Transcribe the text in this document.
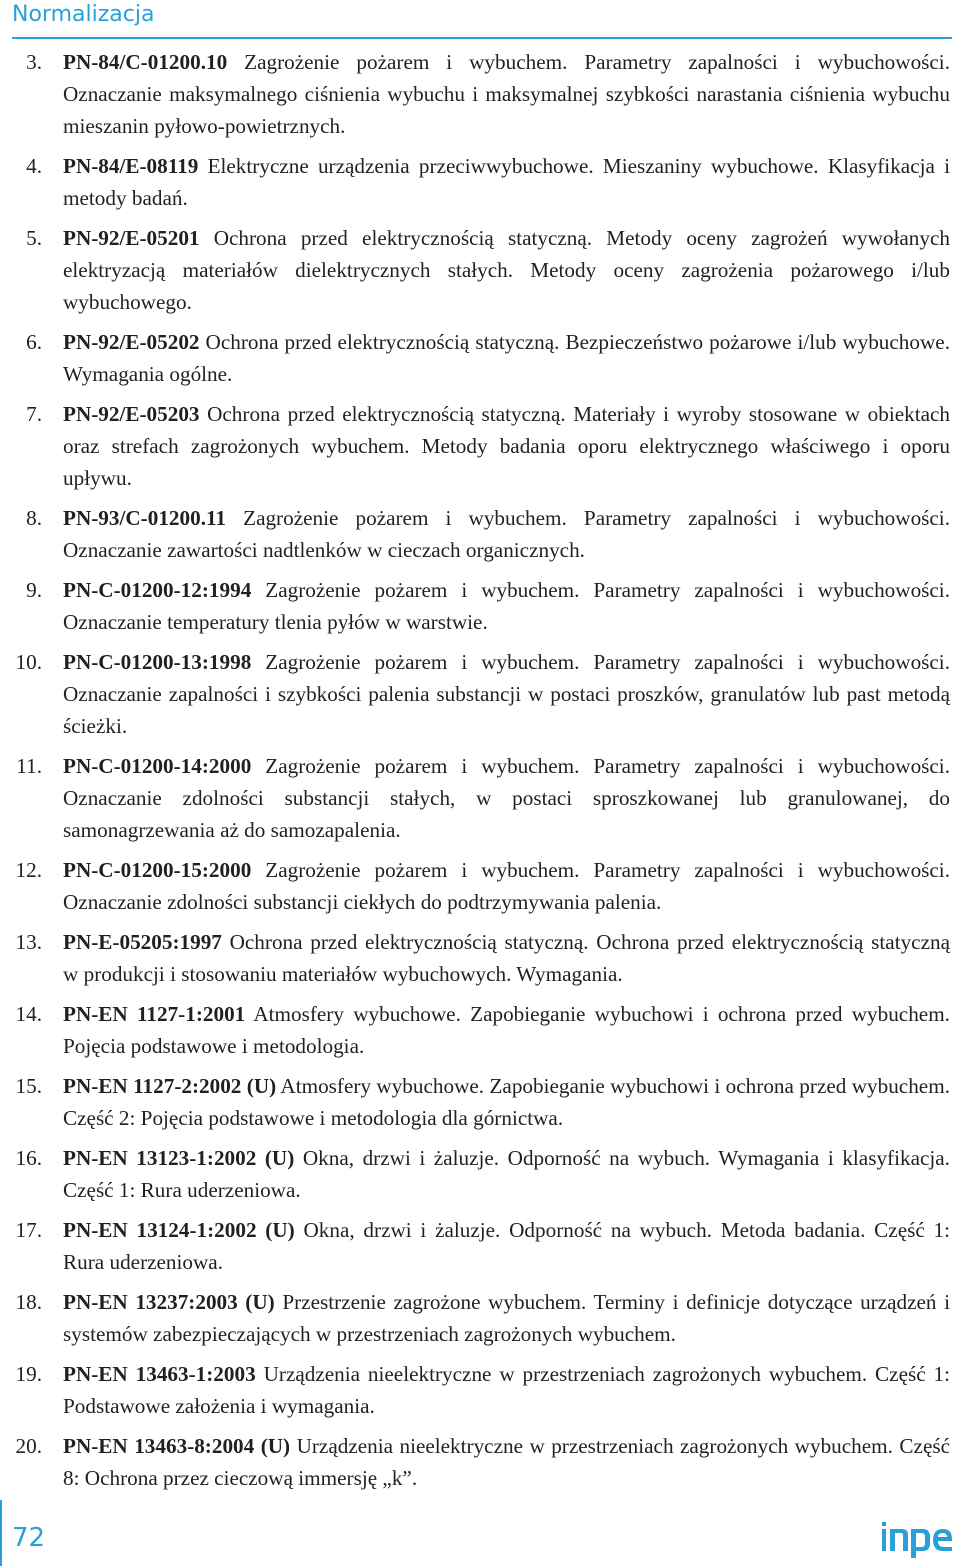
Normalizacja
3. PN-84/C-01200.10 Zagrożenie pożarem i wybuchem. Parametry zapalności i wybuchowości. Oznaczanie maksymalnego ciśnienia wybuchu i maksymalnej szybkości narastania ciśnienia wybuchu mieszanin pyłowo-powietrznych.
4. PN-84/E-08119 Elektryczne urządzenia przeciwwybuchowe. Mieszaniny wybuchowe. Klasyfikacja i metody badań.
5. PN-92/E-05201 Ochrona przed elektrycznością statyczną. Metody oceny zagrożeń wywołanych elektryzacją materiałów dielektrycznych stałych. Metody oceny zagrożenia pożarowego i/lub wybuchowego.
6. PN-92/E-05202 Ochrona przed elektrycznością statyczną. Bezpieczeństwo pożarowe i/lub wybuchowe. Wymagania ogólne.
7. PN-92/E-05203 Ochrona przed elektrycznością statyczną. Materiały i wyroby stosowane w obiektach oraz strefach zagrożonych wybuchem. Metody badania oporu elektrycznego właściwego i oporu upływu.
8. PN-93/C-01200.11 Zagrożenie pożarem i wybuchem. Parametry zapalności i wybuchowości. Oznaczanie zawartości nadtlenków w cieczach organicznych.
9. PN-C-01200-12:1994 Zagrożenie pożarem i wybuchem. Parametry zapalności i wybuchowości. Oznaczanie temperatury tlenia pyłów w warstwie.
10. PN-C-01200-13:1998 Zagrożenie pożarem i wybuchem. Parametry zapalności i wybuchowości. Oznaczanie zapalności i szybkości palenia substancji w postaci proszków, granulatów lub past metodą ścieżki.
11. PN-C-01200-14:2000 Zagrożenie pożarem i wybuchem. Parametry zapalności i wybuchowości. Oznaczanie zdolności substancji stałych, w postaci sproszkowanej lub granulowanej, do samonagrzewania aż do samozapalenia.
12. PN-C-01200-15:2000 Zagrożenie pożarem i wybuchem. Parametry zapalności i wybuchowości. Oznaczanie zdolności substancji ciekłych do podtrzymywania palenia.
13. PN-E-05205:1997 Ochrona przed elektrycznością statyczną. Ochrona przed elektrycznością statyczną w produkcji i stosowaniu materiałów wybuchowych. Wymagania.
14. PN-EN 1127-1:2001 Atmosfery wybuchowe. Zapobieganie wybuchowi i ochrona przed wybuchem. Pojęcia podstawowe i metodologia.
15. PN-EN 1127-2:2002 (U) Atmosfery wybuchowe. Zapobieganie wybuchowi i ochrona przed wybuchem. Część 2: Pojęcia podstawowe i metodologia dla górnictwa.
16. PN-EN 13123-1:2002 (U) Okna, drzwi i żaluzje. Odporność na wybuch. Wymagania i klasyfikacja. Część 1: Rura uderzeniowa.
17. PN-EN 13124-1:2002 (U) Okna, drzwi i żaluzje. Odporność na wybuch. Metoda badania. Część 1: Rura uderzeniowa.
18. PN-EN 13237:2003 (U) Przestrzenie zagrożone wybuchem. Terminy i definicje dotyczące urządzeń i systemów zabezpieczających w przestrzeniach zagrożonych wybuchem.
19. PN-EN 13463-1:2003 Urządzenia nieelektryczne w przestrzeniach zagrożonych wybuchem. Część 1: Podstawowe założenia i wymagania.
20. PN-EN 13463-8:2004 (U) Urządzenia nieelektryczne w przestrzeniach zagrożonych wybuchem. Część 8: Ochrona przez cieczową immersję „k”.
72
